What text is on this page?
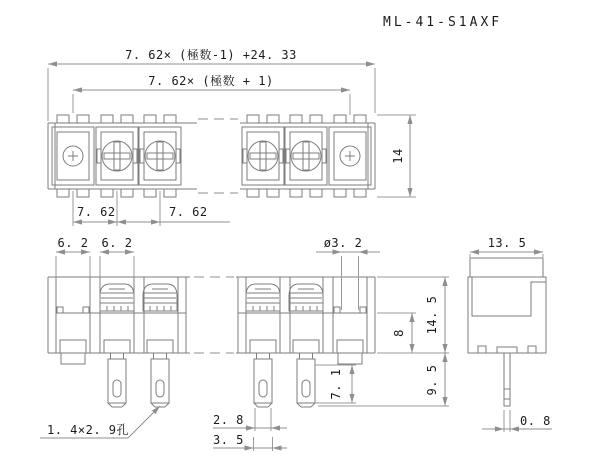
ML-41-S1AXF
7. 62× (極数-1) +24. 33
7. 62× (極数 + 1)
14
7. 62	7. 62
6. 2 6. 2	ø3. 2
8 14. 5
9. 5
7. 1
2. 8
3. 5
1. 4×2. 9孔
13. 5
0. 8
